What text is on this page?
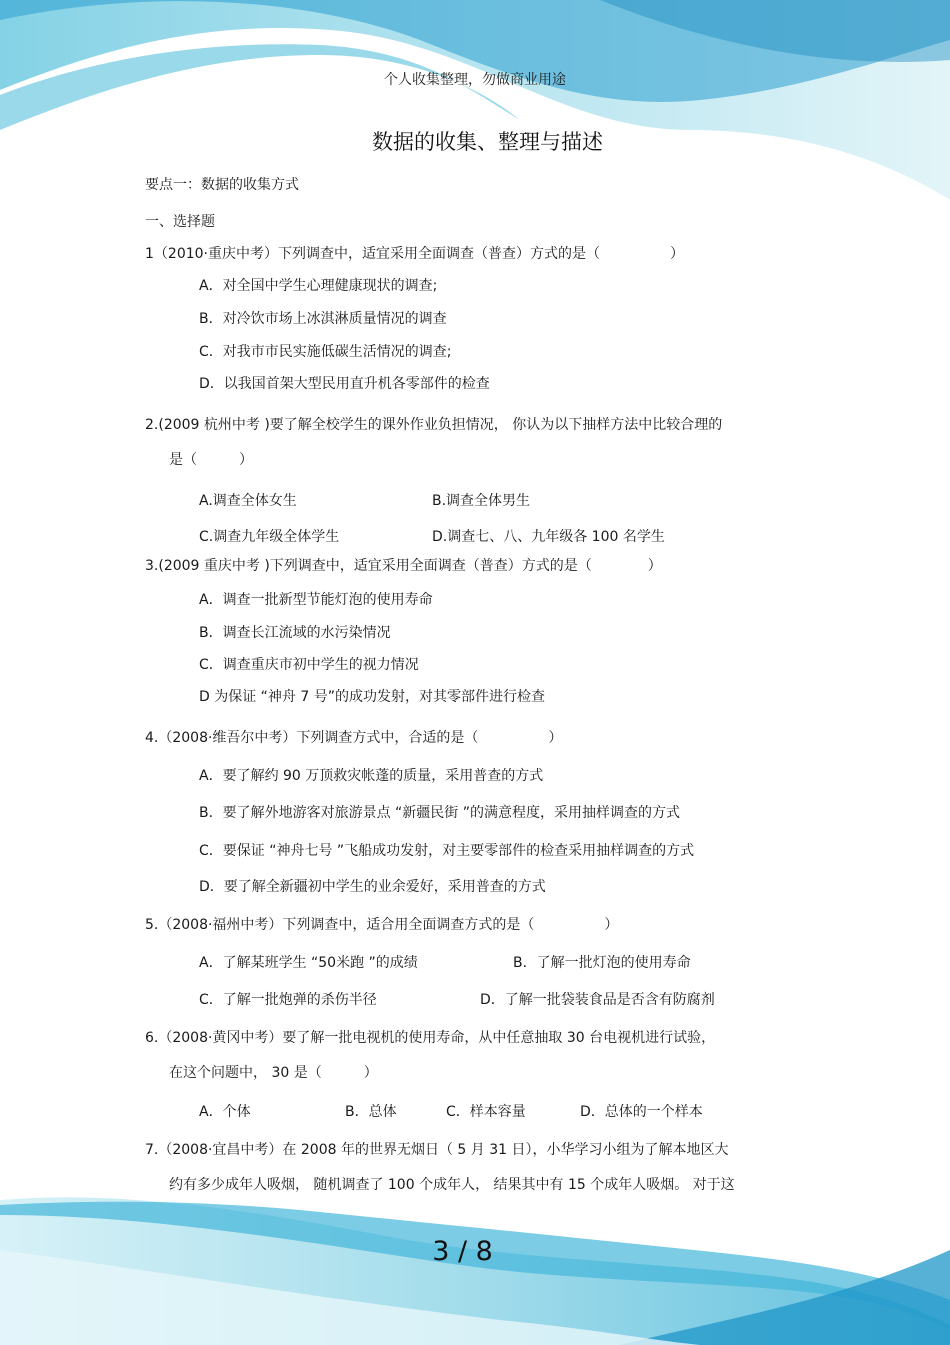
个人收集整理，勿做商业用途
数据的收集、整理与描述
要点一：数据的收集方式
一、选择题
1（2010·重庆中考）下列调查中，适宜采用全面调查（普查）方式的是（　　　　　）
A．对全国中学生心理健康现状的调查;
B．对冷饮市场上冰淇淋质量情况的调查
C．对我市市民实施低碳生活情况的调查;
D．以我国首架大型民用直升机各零部件的检查
2.(2009 杭州中考 )要了解全校学生的课外作业负担情况， 你认为以下抽样方法中比较合理的
是（　　　）
A.调查全体女生	B.调查全体男生
C.调查九年级全体学生	D.调查七、八、九年级各 100 名学生
3.(2009 重庆中考 )下列调查中，适宜采用全面调查（普查）方式的是（　　　　）
A．调查一批新型节能灯泡的使用寿命
B．调查长江流域的水污染情况
C．调查重庆市初中学生的视力情况
D 为保证 “神舟 7 号”的成功发射，对其零部件进行检查
4.（2008·维吾尔中考）下列调查方式中，合适的是（　　　　　）
A．要了解约 90 万顶救灾帐蓬的质量，采用普查的方式
B．要了解外地游客对旅游景点 “新疆民街 ”的满意程度，采用抽样调查的方式
C．要保证 “神舟七号 ”飞船成功发射，对主要零部件的检查采用抽样调查的方式
D．要了解全新疆初中学生的业余爱好，采用普查的方式
5.（2008·福州中考）下列调查中，适合用全面调查方式的是（　　　　　）
A．了解某班学生 “50米跑 ”的成绩	B．了解一批灯泡的使用寿命
C．了解一批炮弹的杀伤半径	D．了解一批袋装食品是否含有防腐剂
6.（2008·黄冈中考）要了解一批电视机的使用寿命，从中任意抽取 30 台电视机进行试验，
在这个问题中， 30 是（　　　）
A．个体	B．总体	C．样本容量	D．总体的一个样本
7.（2008·宜昌中考）在 2008 年的世界无烟日（ 5 月 31 日），小华学习小组为了解本地区大
约有多少成年人吸烟， 随机调查了 100 个成年人， 结果其中有 15 个成年人吸烟。 对于这
3 / 8
